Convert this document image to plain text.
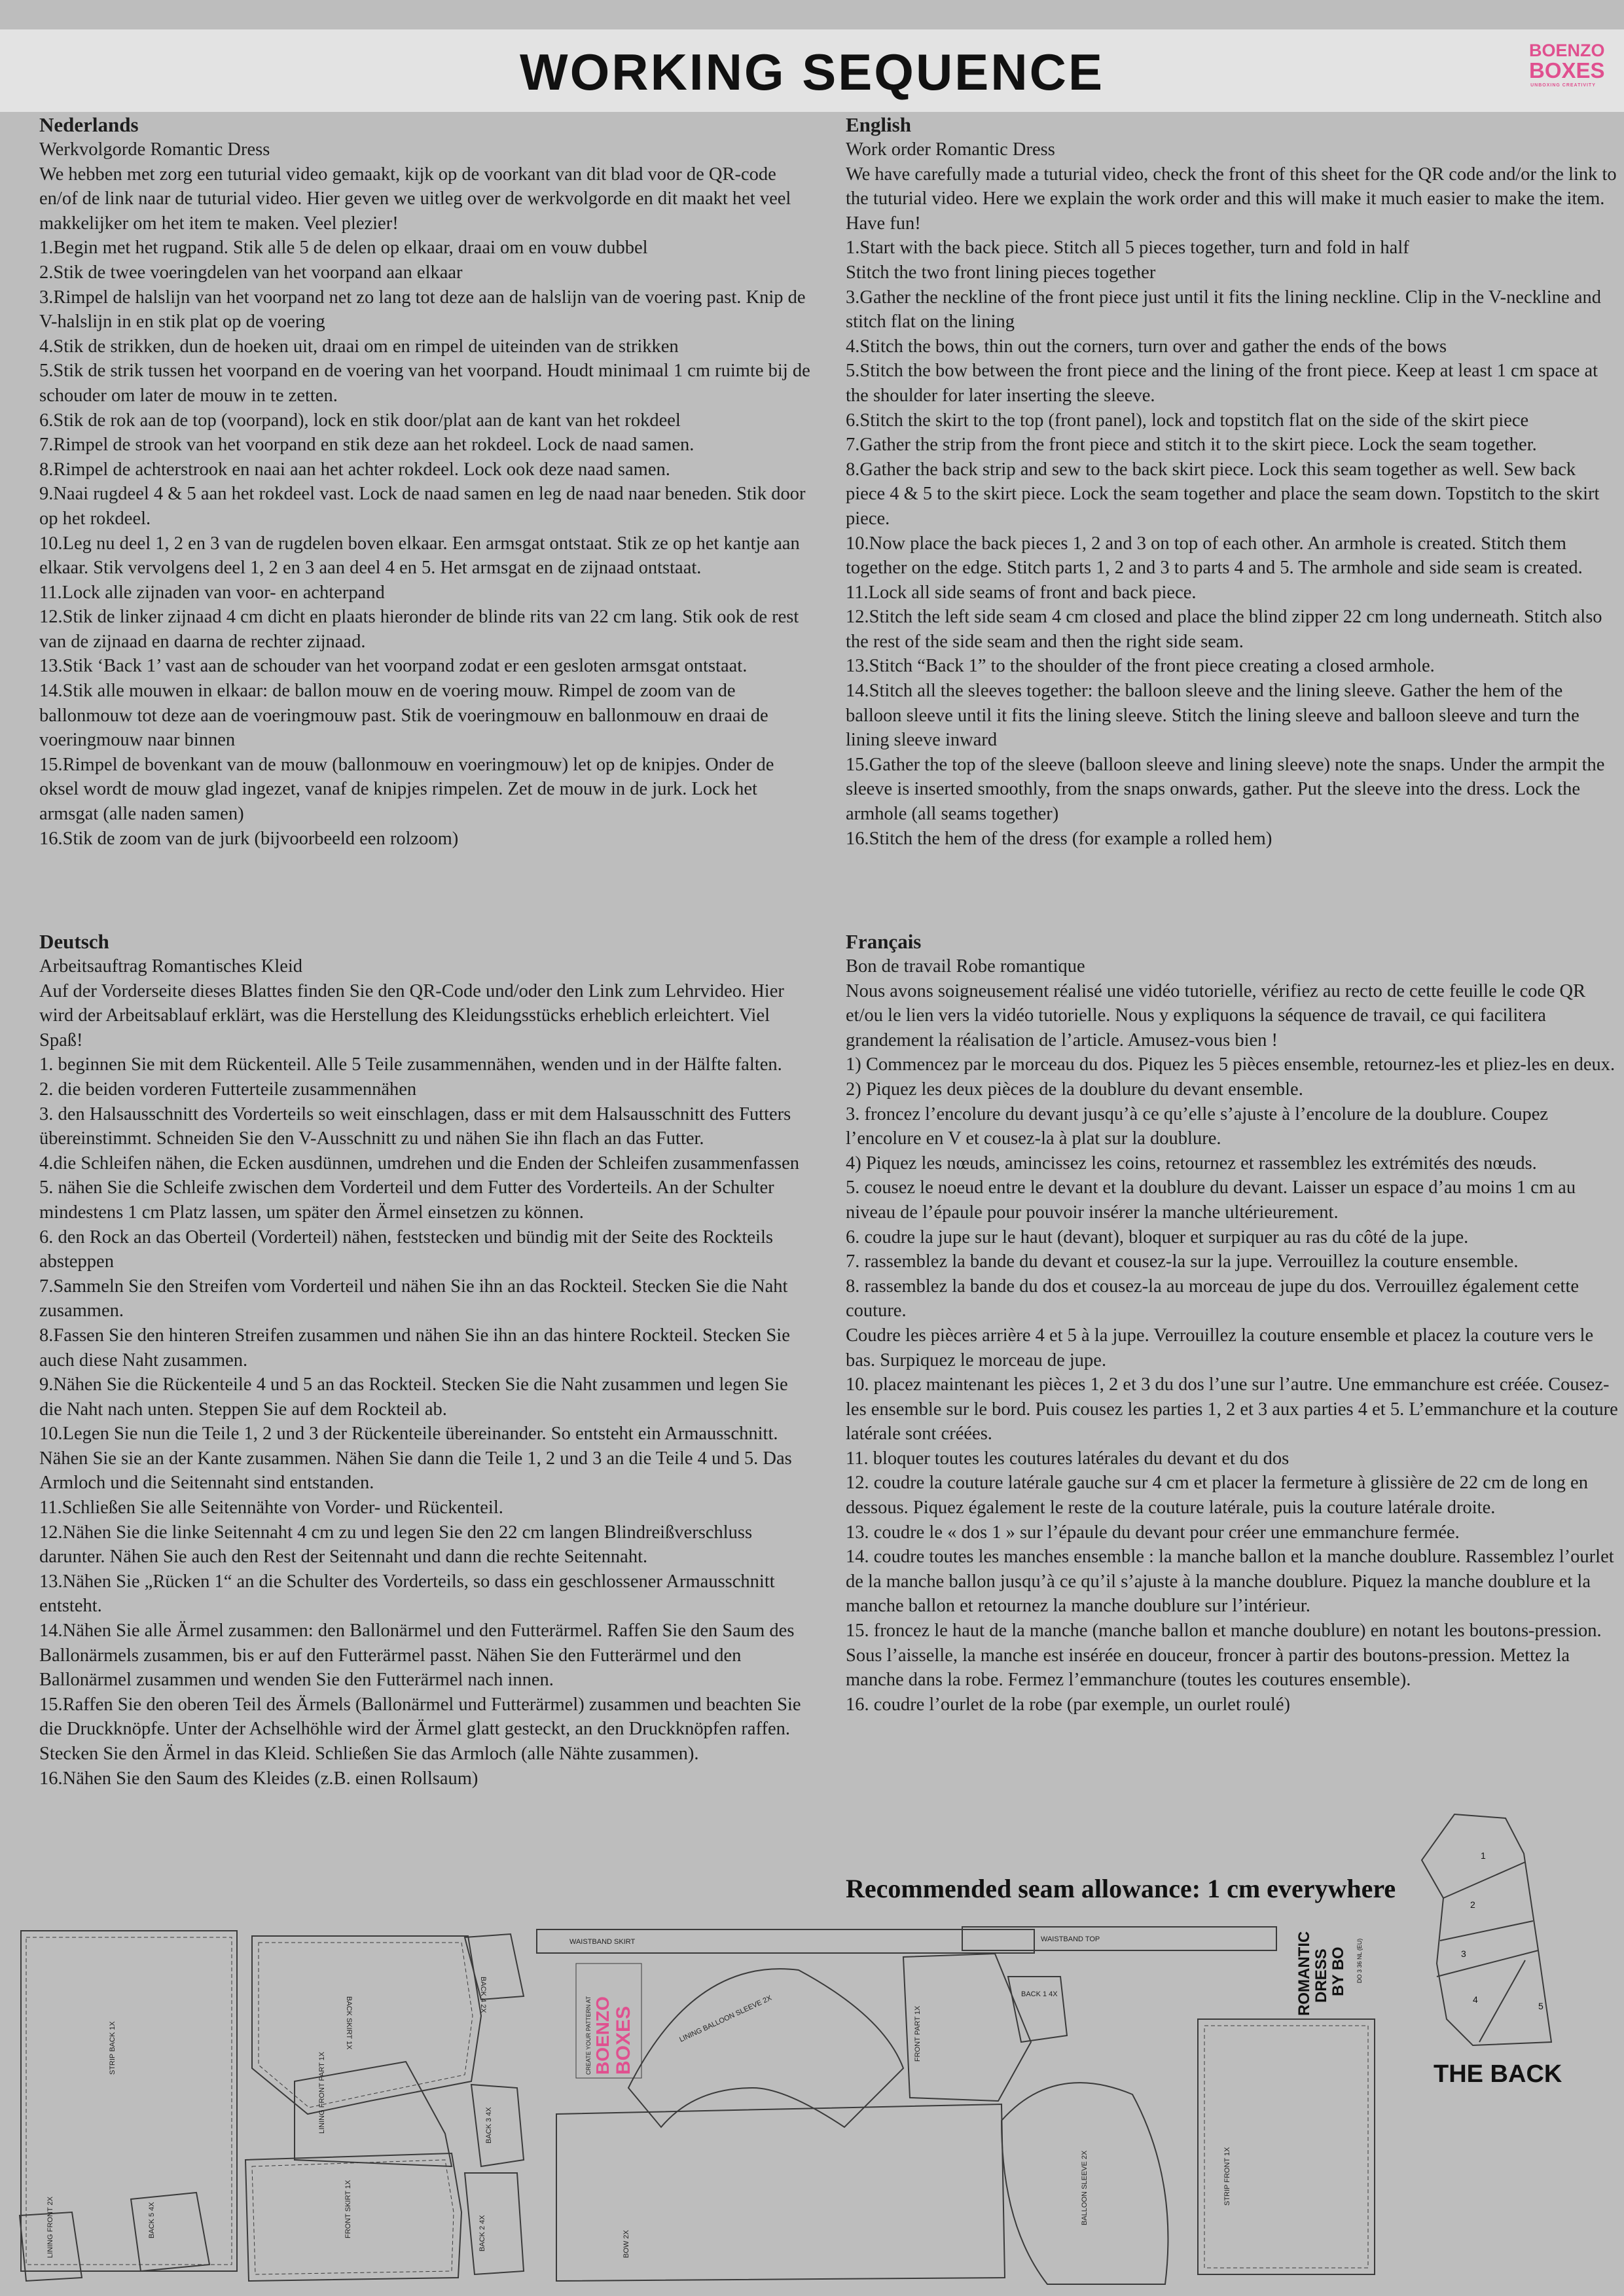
WORKING SEQUENCE	BOENZO
BOXES
UNBOXING CREATIVITY

Nederlands

Werkvolgorde Romantic Dress

We hebben met zorg een tuturial video gemaakt, kijk op de voorkant van dit blad voor de QR-code en/of de link naar de tuturial video. Hier geven we uitleg over de werkvolgorde en dit maakt het veel makkelijker om het item te maken. Veel plezier!

1.Begin met het rugpand. Stik alle 5 de delen op elkaar, draai om en vouw dubbel

2.Stik de twee voeringdelen van het voorpand aan elkaar

3.Rimpel de halslijn van het voorpand net zo lang tot deze aan de halslijn van de voering past. Knip de V-halslijn in en stik plat op de voering

4.Stik de strikken, dun de hoeken uit, draai om en rimpel de uiteinden van de strikken

5.Stik de strik tussen het voorpand en de voering van het voorpand. Houdt minimaal 1 cm ruimte bij de schouder om later de mouw in te zetten.

6.Stik de rok aan de top (voorpand), lock en stik door/plat aan de kant van het rokdeel

7.Rimpel de strook van het voorpand en stik deze aan het rokdeel. Lock de naad samen.

8.Rimpel de achterstrook en naai aan het achter rokdeel. Lock ook deze naad samen.

9.Naai rugdeel 4 & 5 aan het rokdeel vast. Lock de naad samen en leg de naad naar beneden. Stik door op het rokdeel.

10.Leg nu deel 1, 2 en 3 van de rugdelen boven elkaar. Een armsgat ontstaat. Stik ze op het kantje aan elkaar. Stik vervolgens deel 1, 2 en 3 aan deel 4 en 5. Het armsgat en de zijnaad ontstaat.

11.Lock alle zijnaden van voor- en achterpand

12.Stik de linker zijnaad 4 cm dicht en plaats hieronder de blinde rits van 22 cm lang. Stik ook de rest van de zijnaad en daarna de rechter zijnaad.

13.Stik ‘Back 1’ vast aan de schouder van het voorpand zodat er een gesloten armsgat ontstaat.

14.Stik alle mouwen in elkaar: de ballon mouw en de voering mouw. Rimpel de zoom van de ballonmouw tot deze aan de voeringmouw past. Stik de voeringmouw en ballonmouw en draai de voeringmouw naar binnen

15.Rimpel de bovenkant van de mouw (ballonmouw en voeringmouw) let op de knipjes. Onder de oksel wordt de mouw glad ingezet, vanaf de knipjes rimpelen. Zet de mouw in de jurk. Lock het armsgat (alle naden samen)

16.Stik de zoom van de jurk (bijvoorbeeld een rolzoom)

English

Work order Romantic Dress

We have carefully made a tuturial video, check the front of this sheet for the QR code and/or the link to the tuturial video. Here we explain the work order and this will make it much easier to make the item. Have fun!

1.Start with the back piece. Stitch all 5 pieces together, turn and fold in half

Stitch the two front lining pieces together

3.Gather the neckline of the front piece just until it fits the lining neckline. Clip in the V-neckline and stitch flat on the lining

4.Stitch the bows, thin out the corners, turn over and gather the ends of the bows

5.Stitch the bow between the front piece and the lining of the front piece. Keep at least 1 cm space at the shoulder for later inserting the sleeve.

6.Stitch the skirt to the top (front panel), lock and topstitch flat on the side of the skirt piece

7.Gather the strip from the front piece and stitch it to the skirt piece. Lock the seam together.

8.Gather the back strip and sew to the back skirt piece. Lock this seam together as well. Sew back piece 4 & 5 to the skirt piece. Lock the seam together and place the seam down. Topstitch to the skirt piece.

10.Now place the back pieces 1, 2 and 3 on top of each other. An armhole is created. Stitch them together on the edge. Stitch parts 1, 2 and 3 to parts 4 and 5. The armhole and side seam is created.

11.Lock all side seams of front and back piece.

12.Stitch the left side seam 4 cm closed and place the blind zipper 22 cm long underneath. Stitch also the rest of the side seam and then the right side seam.

13.Stitch “Back 1” to the shoulder of the front piece creating a closed armhole.

14.Stitch all the sleeves together: the balloon sleeve and the lining sleeve. Gather the hem of the balloon sleeve until it fits the lining sleeve. Stitch the lining sleeve and balloon sleeve and turn the lining sleeve inward

15.Gather the top of the sleeve (balloon sleeve and lining sleeve) note the snaps. Under the armpit the sleeve is inserted smoothly, from the snaps onwards, gather. Put the sleeve into the dress. Lock the armhole (all seams together)

16.Stitch the hem of the dress (for example a rolled hem)

Deutsch

Arbeitsauftrag Romantisches Kleid

Auf der Vorderseite dieses Blattes finden Sie den QR-Code und/oder den Link zum Lehrvideo. Hier wird der Arbeitsablauf erklärt, was die Herstellung des Kleidungsstücks erheblich erleichtert. Viel Spaß!

1. beginnen Sie mit dem Rückenteil. Alle 5 Teile zusammennähen, wenden und in der Hälfte falten.

2. die beiden vorderen Futterteile zusammennähen

3. den Halsausschnitt des Vorderteils so weit einschlagen, dass er mit dem Halsausschnitt des Futters übereinstimmt. Schneiden Sie den V-Ausschnitt zu und nähen Sie ihn flach an das Futter.

4.die Schleifen nähen, die Ecken ausdünnen, umdrehen und die Enden der Schleifen zusammenfassen

5. nähen Sie die Schleife zwischen dem Vorderteil und dem Futter des Vorderteils. An der Schulter mindestens 1 cm Platz lassen, um später den Ärmel einsetzen zu können.

6. den Rock an das Oberteil (Vorderteil) nähen, feststecken und bündig mit der Seite des Rockteils absteppen

7.Sammeln Sie den Streifen vom Vorderteil und nähen Sie ihn an das Rockteil. Stecken Sie die Naht zusammen.

8.Fassen Sie den hinteren Streifen zusammen und nähen Sie ihn an das hintere Rockteil. Stecken Sie auch diese Naht zusammen.

9.Nähen Sie die Rückenteile 4 und 5 an das Rockteil. Stecken Sie die Naht zusammen und legen Sie die Naht nach unten. Steppen Sie auf dem Rockteil ab.

10.Legen Sie nun die Teile 1, 2 und 3 der Rückenteile übereinander. So entsteht ein Armausschnitt. Nähen Sie sie an der Kante zusammen. Nähen Sie dann die Teile 1, 2 und 3 an die Teile 4 und 5. Das Armloch und die Seitennaht sind entstanden.

11.Schließen Sie alle Seitennähte von Vorder- und Rückenteil.

12.Nähen Sie die linke Seitennaht 4 cm zu und legen Sie den 22 cm langen Blindreißverschluss darunter. Nähen Sie auch den Rest der Seitennaht und dann die rechte Seitennaht.

13.Nähen Sie „Rücken 1“ an die Schulter des Vorderteils, so dass ein geschlossener Armausschnitt entsteht.

14.Nähen Sie alle Ärmel zusammen: den Ballonärmel und den Futterärmel. Raffen Sie den Saum des Ballonärmels zusammen, bis er auf den Futterärmel passt. Nähen Sie den Futterärmel und den Ballonärmel zusammen und wenden Sie den Futterärmel nach innen.

15.Raffen Sie den oberen Teil des Ärmels (Ballonärmel und Futterärmel) zusammen und beachten Sie die Druckknöpfe. Unter der Achselhöhle wird der Ärmel glatt gesteckt, an den Druckknöpfen raffen. Stecken Sie den Ärmel in das Kleid. Schließen Sie das Armloch (alle Nähte zusammen).

16.Nähen Sie den Saum des Kleides (z.B. einen Rollsaum)

Français

Bon de travail Robe romantique

Nous avons soigneusement réalisé une vidéo tutorielle, vérifiez au recto de cette feuille le code QR et/ou le lien vers la vidéo tutorielle. Nous y expliquons la séquence de travail, ce qui facilitera grandement la réalisation de l’article. Amusez-vous bien !

1) Commencez par le morceau du dos. Piquez les 5 pièces ensemble, retournez-les et pliez-les en deux.

2) Piquez les deux pièces de la doublure du devant ensemble.

3. froncez l’encolure du devant jusqu’à ce qu’elle s’ajuste à l’encolure de la doublure. Coupez l’encolure en V et cousez-la à plat sur la doublure.

4) Piquez les nœuds, amincissez les coins, retournez et rassemblez les extrémités des nœuds.

5. cousez le noeud entre le devant et la doublure du devant. Laisser un espace d’au moins 1 cm au niveau de l’épaule pour pouvoir insérer la manche ultérieurement.

6. coudre la jupe sur le haut (devant), bloquer et surpiquer au ras du côté de la jupe.

7. rassemblez la bande du devant et cousez-la sur la jupe. Verrouillez la couture ensemble.

8. rassemblez la bande du dos et cousez-la au morceau de jupe du dos. Verrouillez également cette couture.

Coudre les pièces arrière 4 et 5 à la jupe. Verrouillez la couture ensemble et placez la couture vers le bas. Surpiquez le morceau de jupe.

10. placez maintenant les pièces 1, 2 et 3 du dos l’une sur l’autre. Une emmanchure est créée. Cousez-les ensemble sur le bord. Puis cousez les parties 1, 2 et 3 aux parties 4 et 5. L’emmanchure et la couture latérale sont créées.

11. bloquer toutes les coutures latérales du devant et du dos

12. coudre la couture latérale gauche sur 4 cm et placer la fermeture à glissière de 22 cm de long en dessous. Piquez également le reste de la couture latérale, puis la couture latérale droite.

13. coudre le « dos 1 » sur l’épaule du devant pour créer une emmanchure fermée.

14. coudre toutes les manches ensemble : la manche ballon et la manche doublure. Rassemblez l’ourlet de la manche ballon jusqu’à ce qu’il s’ajuste à la manche doublure. Piquez la manche doublure et la manche ballon et retournez la manche doublure sur l’intérieur.

15. froncez le haut de la manche (manche ballon et manche doublure) en notant les boutons-pression. Sous l’aisselle, la manche est insérée en douceur, froncer à partir des boutons-pression. Mettez la manche dans la robe. Fermez l’emmanchure (toutes les coutures ensemble).

16. coudre l’ourlet de la robe (par exemple, un ourlet roulé)

Recommended seam allowance: 1 cm everywhere
STRIP BACK 1X	BACK SKIRT 1X
LINING FRONT PART 1X
FRONT SKIRT 1X
LINING FRONT 2X	BACK 5 4X
BACK 4 2X
BACK 3 4X
BACK 2 4X
WAISTBAND SKIRT	WAISTBAND TOP
LINING BALLOON SLEEVE 2X
BOW 2X
BACK 1 4X
FRONT PART 1X
BALLOON SLEEVE 2X	STRIP FRONT 1X
CREATE YOUR PATTERN AT BOENZO BOXES
ROMANTIC DRESS BY BO DO 3 36 NL (EU)
1
2
3
4
5
THE BACK
